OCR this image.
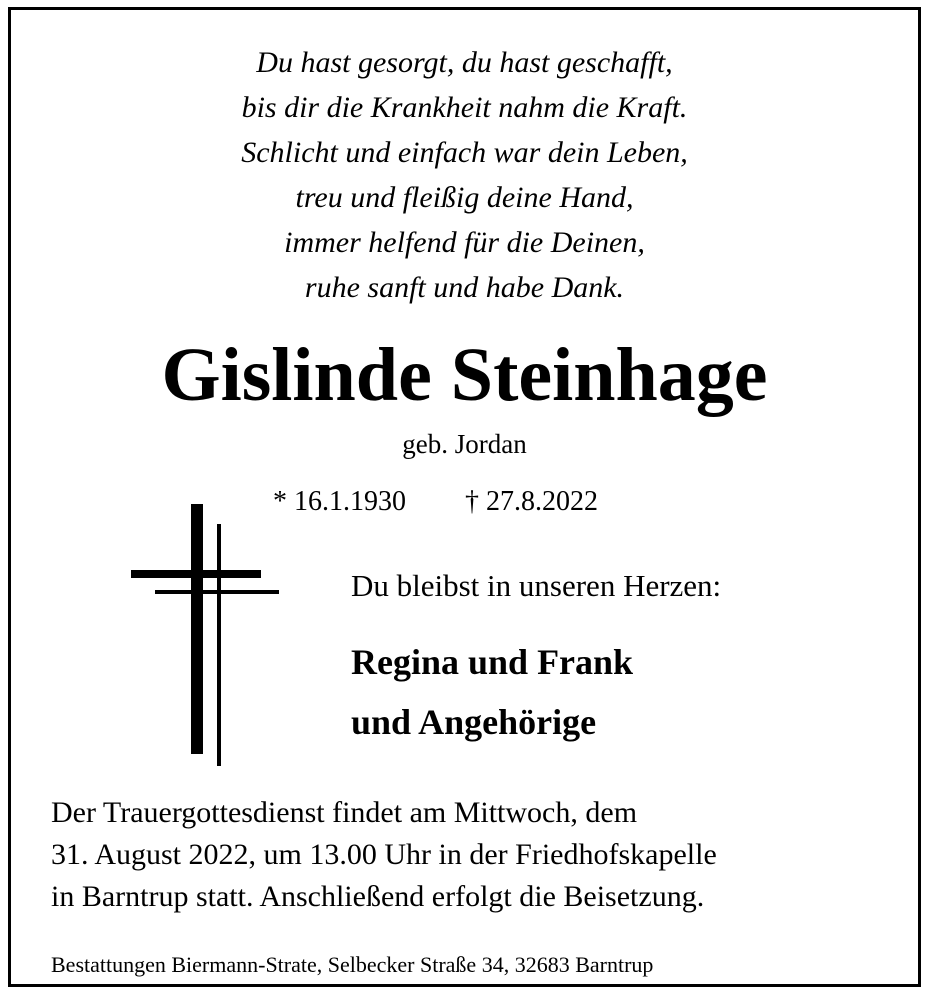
Du hast gesorgt, du hast geschafft,
bis dir die Krankheit nahm die Kraft.
Schlicht und einfach war dein Leben,
treu und fleißig deine Hand,
immer helfend für die Deinen,
ruhe sanft und habe Dank.
Gislinde Steinhage
geb. Jordan
* 16.1.1930 † 27.8.2022
Du bleibst in unseren Herzen:
Regina und Frank
und Angehörige
Der Trauergottesdienst findet am Mittwoch, dem
31. August 2022, um 13.00 Uhr in der Friedhofskapelle
in Barntrup statt. Anschließend erfolgt die Beisetzung.
Bestattungen Biermann-Strate, Selbecker Straße 34, 32683 Barntrup
